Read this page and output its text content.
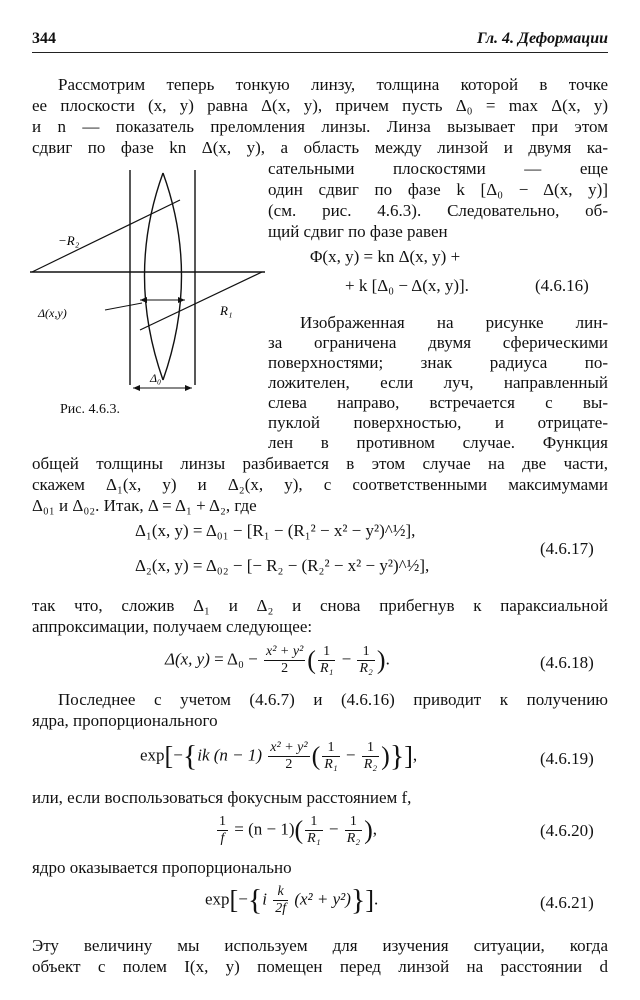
344	Гл. 4. Деформации
Рассмотрим теперь тонкую линзу, толщина которой в точке
ее плоскости (x, y) равна Δ(x, y), причем пусть Δ₀ = max Δ(x, y)
и n — показатель преломления линзы. Линза вызывает при этом
сдвиг по фазе kn Δ(x, y), а область между линзой и двумя ка-
сательными плоскостями — еще
один сдвиг по фазе k [Δ₀ − Δ(x, y)]
(см. рис. 4.6.3). Следовательно, об-
щий сдвиг по фазе равен
Φ(x, y) = kn Δ(x, y) +
+ k [Δ₀ − Δ(x, y)].	(4.6.16)
Изображенная на рисунке лин-
за ограничена двумя сферическими
поверхностями; знак радиуса по-
ложителен, если луч, направленный
слева направо, встречается с вы-
пуклой поверхностью, и отрицате-
лен в противном случае. Функция
общей толщины линзы разбивается в этом случае на две части,
скажем Δ₁(x, y) и Δ₂(x, y), с соответственными максимумами
Δ₀₁ и Δ₀₂. Итак, Δ = Δ₁ + Δ₂, где
−R₂
Δ(x,y)	R₁
Δ₀
Рис. 4.6.3.
Δ₁(x, y) = Δ₀₁ − [R₁ − (R₁² − x² − y²)^½],
Δ₂(x, y) = Δ₀₂ − [− R₂ − (R₂² − x² − y²)^½],
(4.6.17)
так что, сложив Δ₁ и Δ₂ и снова прибегнув к параксиальной
аппроксимации, получаем следующее:
Δ(x, $y) = \Delta_0 - \frac{\text{x² + y²}}{2}$ ( $\frac{1}{\text{R₁}} - \frac{1}{\text{R₂}}$ ).	(4.6.18)
Последнее с учетом (4.6.7) и (4.6.16) приводит к получению
ядра, пропорционального
exp[−{ik $(n - 1) \frac{\text{x² + y²}}{2}$ ( $\frac{1}{\text{R₁}} - \frac{1}{\text{R₂}}$ )}],	(4.6.19)
или, если воспользоваться фокусным расстоянием f,
$\frac{1}{f} = (n - 1)( \frac{1}{\text{R₁}} - \frac{1}{\text{R₂}}$ ),	(4.6.20)
ядро оказывается пропорционально
$\exp[-\{i \frac{k}{2f} (x^2 + y^2)\}]$.	(4.6.21)
Эту величину мы используем для изучения ситуации, когда
объект с полем I(x, y) помещен перед линзой на расстоянии d
